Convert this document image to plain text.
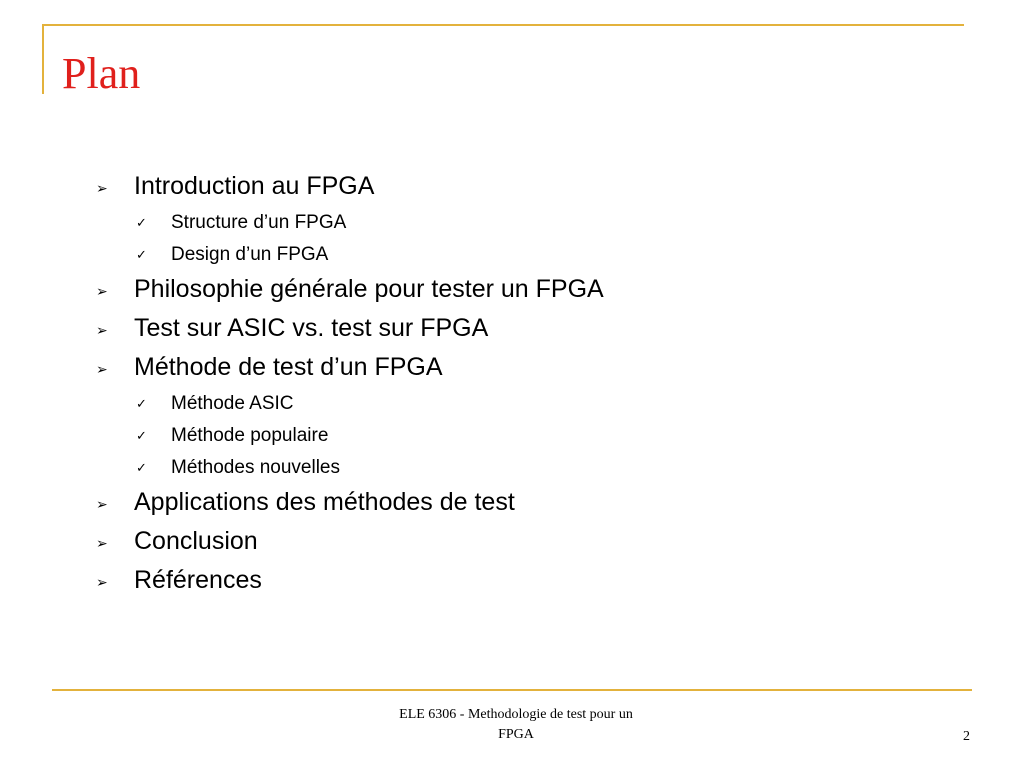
Plan
➢ Introduction au FPGA
✓ Structure d’un FPGA
✓ Design d’un FPGA
➢ Philosophie générale pour tester un FPGA
➢ Test sur ASIC vs. test sur FPGA
➢ Méthode de test d’un FPGA
✓ Méthode ASIC
✓ Méthode populaire
✓ Méthodes nouvelles
➢ Applications des méthodes de test
➢ Conclusion
➢ Références
ELE 6306 - Methodologie de test pour un
FPGA	2
